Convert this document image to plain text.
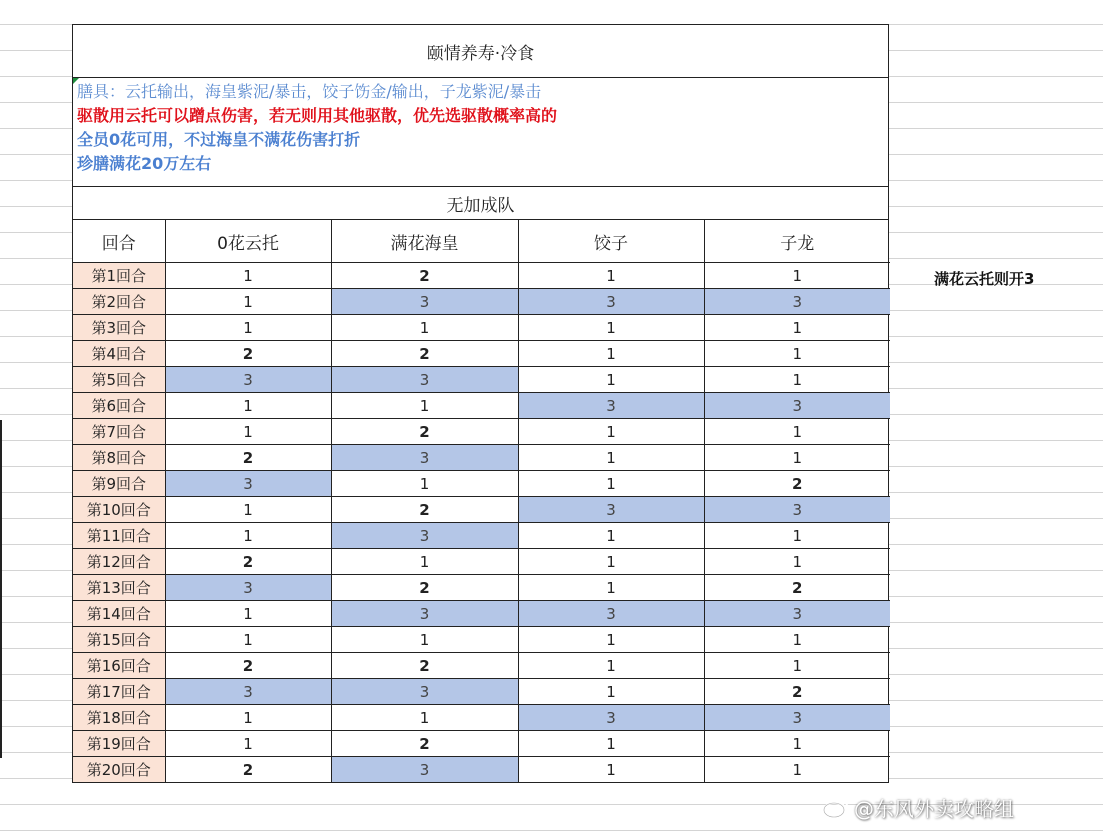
颐情养寿·冷食
膳具：云托输出，海皇紫泥/暴击，饺子饬金/输出，子龙紫泥/暴击
驱散用云托可以蹭点伤害，若无则用其他驱散，优先选驱散概率高的
全员0花可用，不过海皇不满花伤害打折
珍膳满花20万左右
无加成队
回合	0花云托	满花海皇	饺子	子龙
第1回合	1	2	1	1
第2回合	1	3	3	3
第3回合	1	1	1	1
第4回合	2	2	1	1
第5回合	3	3	1	1
第6回合	1	1	3	3
第7回合	1	2	1	1
第8回合	2	3	1	1
第9回合	3	1	1	2
第10回合	1	2	3	3
第11回合	1	3	1	1
第12回合	2	1	1	1
第13回合	3	2	1	2
第14回合	1	3	3	3
第15回合	1	1	1	1
第16回合	2	2	1	1
第17回合	3	3	1	2
第18回合	1	1	3	3
第19回合	1	2	1	1
第20回合	2	3	1	1
满花云托则开3
@东风外卖攻略组
